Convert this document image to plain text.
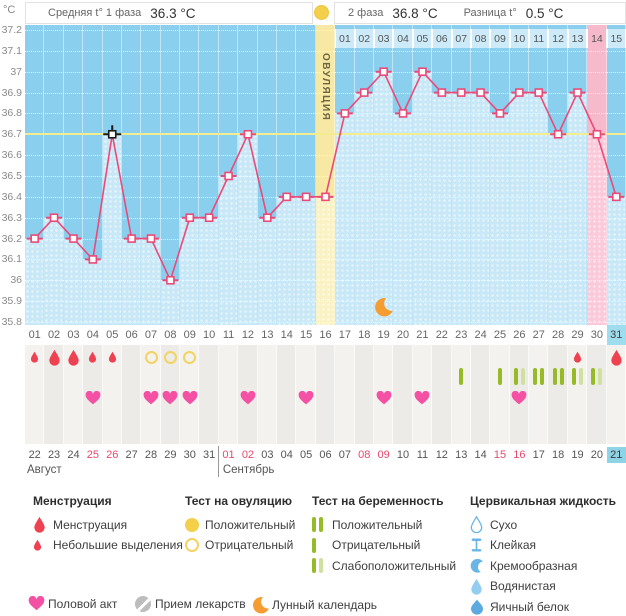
°C	Средняя t° 1 фаза 36.3 °C	2 фаза 36.8 °C Разница t° 0.5 °C
37.2
37.1
37
36.9
36.8
36.7
36.6
36.5
36.4
36.3
36.2
36.1
36
35.9
35.8
01 02 03 04 05 06 07 08 09 10 11 12 13 14 15
ОВУЛЯЦИЯ
01 02 03 04 05 06 07 08 09 10 11 12 13 14 15 16 17 18 19 20 21 22 23 24 25 26 27 28 29 30 31
Август
22 23 24 25 26 27 28 29 30 31
Сентябрь
01 02 03 04 05 06 07 08 09 10 11 12 13 14 15 16 17 18 19 20 21
Менструация
Менструация
Небольшие выделения
Тест на овуляцию
Положительный
Отрицательный
Тест на беременность
Положительный
Отрицательный
Слабоположительный
Цервикальная жидкость
Сухо
Клейкая
Кремообразная
Водянистая
Яичный белок
Половой акт	Прием лекарств Лунный календарь
